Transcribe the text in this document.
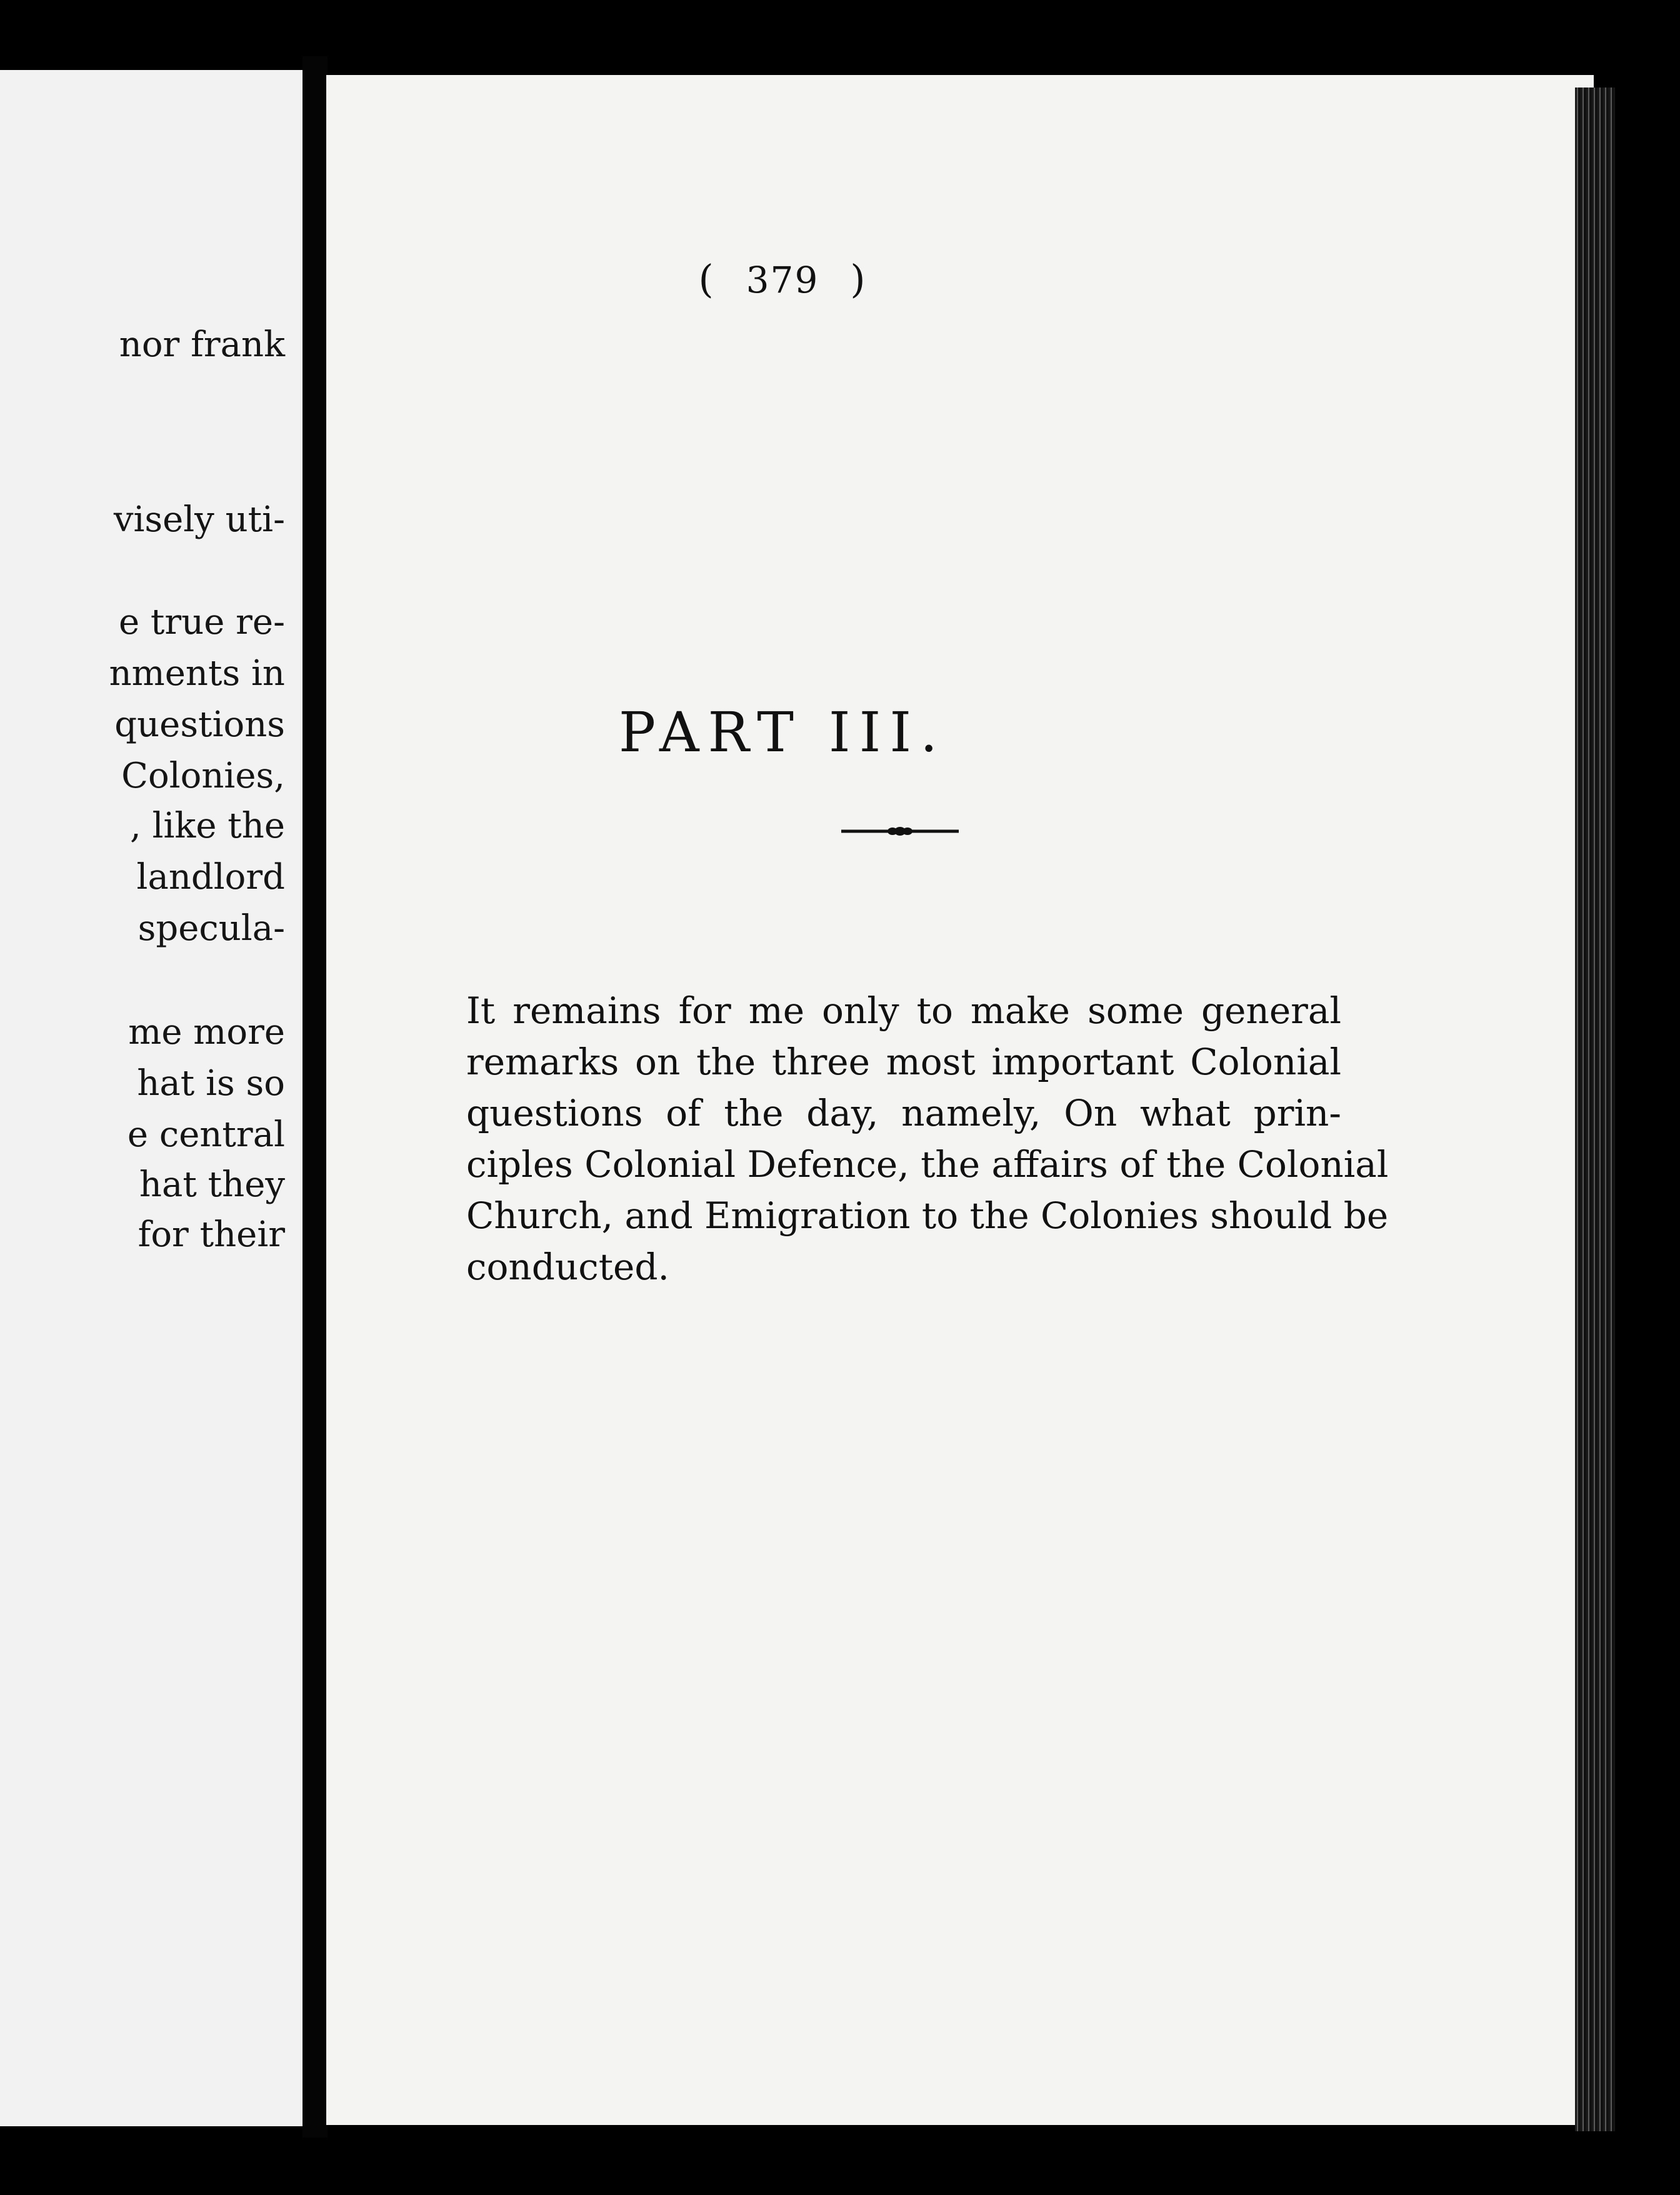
nor frank
visely uti-
e true re-
nments in
questions
Colonies,
, like the
landlord
specula-
me more
hat is so
e central
hat they
for their
( 379 )
PART III.
It remains for me only to make some general
remarks on the three most important Colonial
questions of the day, namely, On what prin-
ciples Colonial Defence, the affairs of the Colonial
Church, and Emigration to the Colonies should be
conducted.
